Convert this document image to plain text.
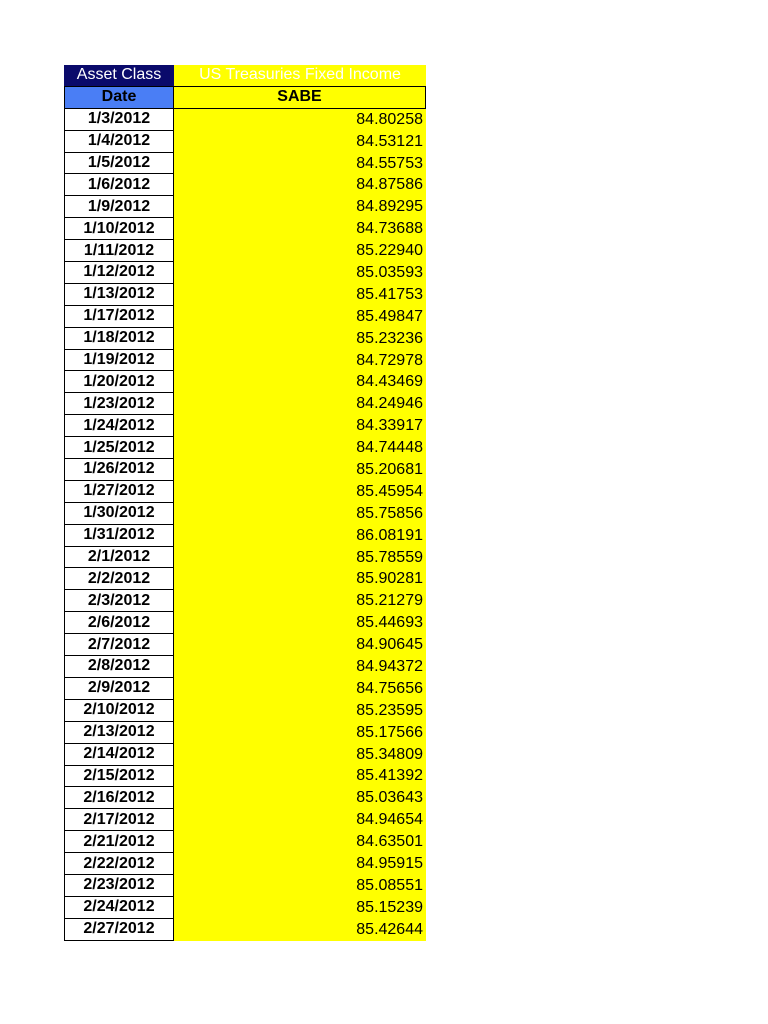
Asset Class	US Treasuries Fixed Income
Date	SABE
1/3/2012	84.80258
1/4/2012	84.53121
1/5/2012	84.55753
1/6/2012	84.87586
1/9/2012	84.89295
1/10/2012	84.73688
1/11/2012	85.22940
1/12/2012	85.03593
1/13/2012	85.41753
1/17/2012	85.49847
1/18/2012	85.23236
1/19/2012	84.72978
1/20/2012	84.43469
1/23/2012	84.24946
1/24/2012	84.33917
1/25/2012	84.74448
1/26/2012	85.20681
1/27/2012	85.45954
1/30/2012	85.75856
1/31/2012	86.08191
2/1/2012	85.78559
2/2/2012	85.90281
2/3/2012	85.21279
2/6/2012	85.44693
2/7/2012	84.90645
2/8/2012	84.94372
2/9/2012	84.75656
2/10/2012	85.23595
2/13/2012	85.17566
2/14/2012	85.34809
2/15/2012	85.41392
2/16/2012	85.03643
2/17/2012	84.94654
2/21/2012	84.63501
2/22/2012	84.95915
2/23/2012	85.08551
2/24/2012	85.15239
2/27/2012	85.42644
